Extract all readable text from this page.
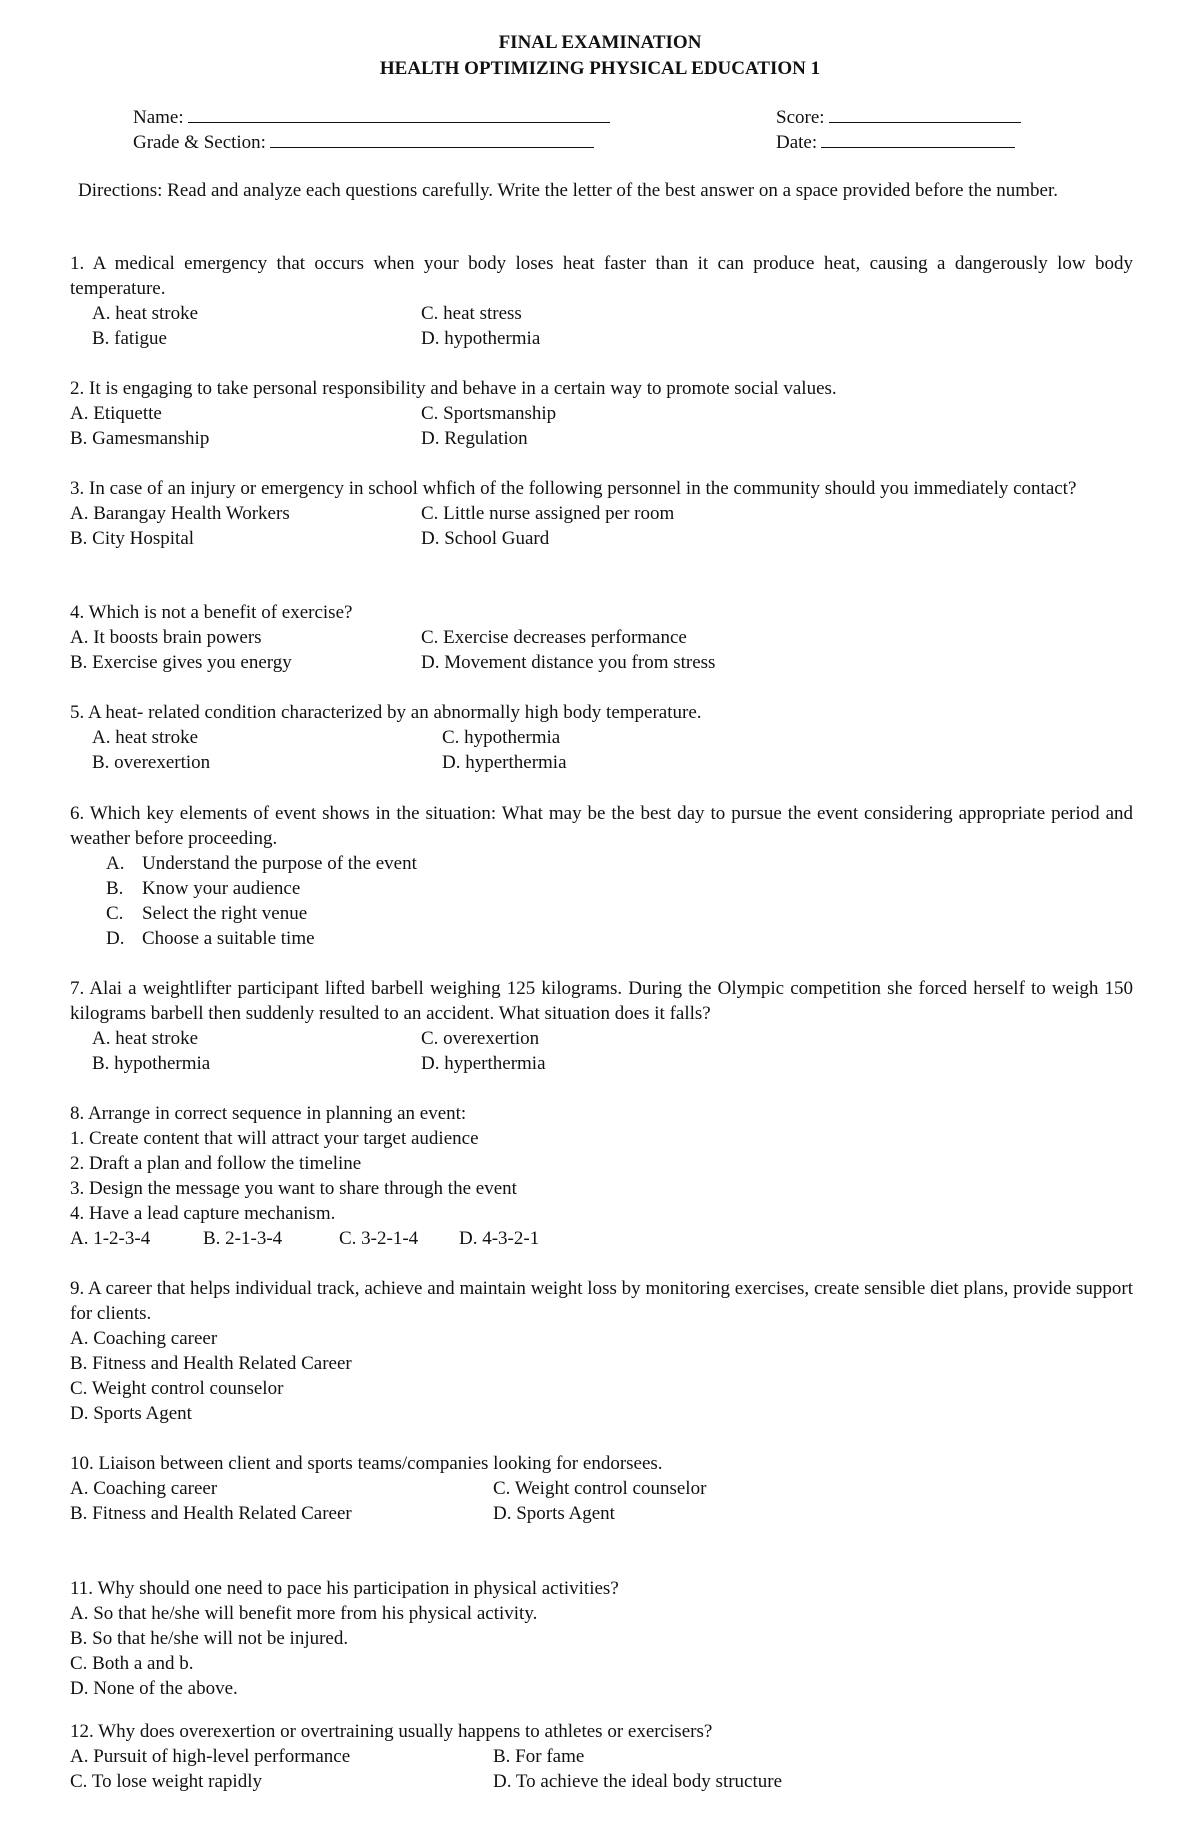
FINAL EXAMINATION
HEALTH OPTIMIZING PHYSICAL EDUCATION 1
Name:	Score:
Grade & Section:	Date:
Directions: Read and analyze each questions carefully. Write the letter of the best answer on a space provided before the number.
1. A medical emergency that occurs when your body loses heat faster than it can produce heat, causing a dangerously low body temperature.
A. heat stroke	C. heat stress
B. fatigue	D. hypothermia
2. It is engaging to take personal responsibility and behave in a certain way to promote social values.
A. Etiquette	C. Sportsmanship
B. Gamesmanship	D. Regulation
3. In case of an injury or emergency in school whfich of the following personnel in the community should you immediately contact?
A. Barangay Health Workers	C. Little nurse assigned per room
B. City Hospital	D. School Guard
4. Which is not a benefit of exercise?
A. It boosts brain powers	C. Exercise decreases performance
B. Exercise gives you energy	D. Movement distance you from stress
5. A heat- related condition characterized by an abnormally high body temperature.
A. heat stroke	C. hypothermia
B. overexertion	D. hyperthermia
6. Which key elements of event shows in the situation: What may be the best day to pursue the event considering appropriate period and weather before proceeding.
A. Understand the purpose of the event
B. Know your audience
C. Select the right venue
D. Choose a suitable time
7. Alai a weightlifter participant lifted barbell weighing 125 kilograms. During the Olympic competition she forced herself to weigh 150 kilograms barbell then suddenly resulted to an accident. What situation does it falls?
A. heat stroke	C. overexertion
B. hypothermia	D. hyperthermia
8. Arrange in correct sequence in planning an event:
1. Create content that will attract your target audience
2. Draft a plan and follow the timeline
3. Design the message you want to share through the event
4. Have a lead capture mechanism.
A. 1-2-3-4	B. 2-1-3-4	C. 3-2-1-4	D. 4-3-2-1
9. A career that helps individual track, achieve and maintain weight loss by monitoring exercises, create sensible diet plans, provide support for clients.
A. Coaching career
B. Fitness and Health Related Career
C. Weight control counselor
D. Sports Agent
10. Liaison between client and sports teams/companies looking for endorsees.
A. Coaching career	C. Weight control counselor
B. Fitness and Health Related Career	D. Sports Agent
11. Why should one need to pace his participation in physical activities?
A. So that he/she will benefit more from his physical activity.
B. So that he/she will not be injured.
C. Both a and b.
D. None of the above.
12. Why does overexertion or overtraining usually happens to athletes or exercisers?
A. Pursuit of high-level performance	B. For fame
C. To lose weight rapidly	D. To achieve the ideal body structure
